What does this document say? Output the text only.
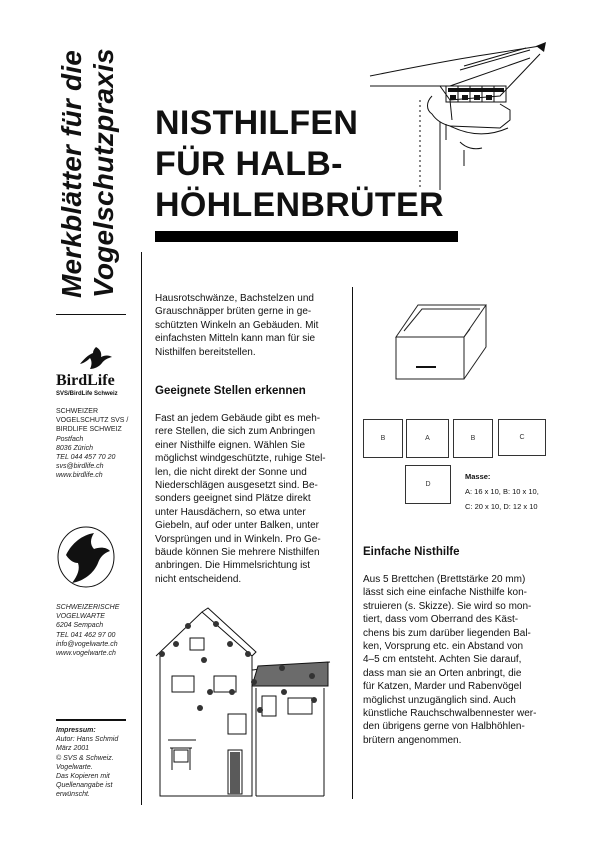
Merkblätter für die Vogelschutzpraxis
BirdLife
SVS/BirdLife Schweiz
SCHWEIZER
VOGELSCHUTZ SVS /
BIRDLIFE SCHWEIZ
Postfach
8036 Zürich
TEL 044 457 70 20
svs@birdlife.ch
www.birdlife.ch
SCHWEIZERISCHE
VOGELWARTE
6204 Sempach
TEL 041 462 97 00
info@vogelwarte.ch
www.vogelwarte.ch
Impressum:
Autor: Hans Schmid
März 2001
© SVS & Schweiz.
Vogelwarte.
Das Kopieren mit
Quellenangabe ist
erwünscht.
NISTHILFEN
FÜR HALB-
HÖHLENBRÜTER
Hausrotschwänze, Bachstelzen und
Grauschnäpper brüten gerne in ge-
schützten Winkeln an Gebäuden. Mit
einfachsten Mitteln kann man für sie
Nisthilfen bereitstellen.
Geeignete Stellen erkennen
Fast an jedem Gebäude gibt es meh-
rere Stellen, die sich zum Anbringen
einer Nisthilfe eignen. Wählen Sie
möglichst windgeschützte, ruhige Stel-
len, die nicht direkt der Sonne und
Niederschlägen ausgesetzt sind. Be-
sonders geeignet sind Plätze direkt
unter Hausdächern, so etwa unter
Giebeln, auf oder unter Balken, unter
Vorsprüngen und in Winkeln. Pro Ge-
bäude können Sie mehrere Nisthilfen
anbringen. Die Himmelsrichtung ist
nicht entscheidend.
B	A	B	C
D
Masse:
A: 16 x 10, B: 10 x 10,
C: 20 x 10, D: 12 x 10
Einfache Nisthilfe
Aus 5 Brettchen (Brettstärke 20 mm)
lässt sich eine einfache Nisthilfe kon-
struieren (s. Skizze). Sie wird so mon-
tiert, dass vom Oberrand des Käst-
chens bis zum darüber liegenden Bal-
ken, Vorsprung etc. ein Abstand von
4–5 cm entsteht. Achten Sie darauf,
dass man sie an Orten anbringt, die
für Katzen, Marder und Rabenvögel
möglichst unzugänglich sind. Auch
künstliche Rauchschwalbennester wer-
den übrigens gerne von Halbhöhlen-
brütern angenommen.
